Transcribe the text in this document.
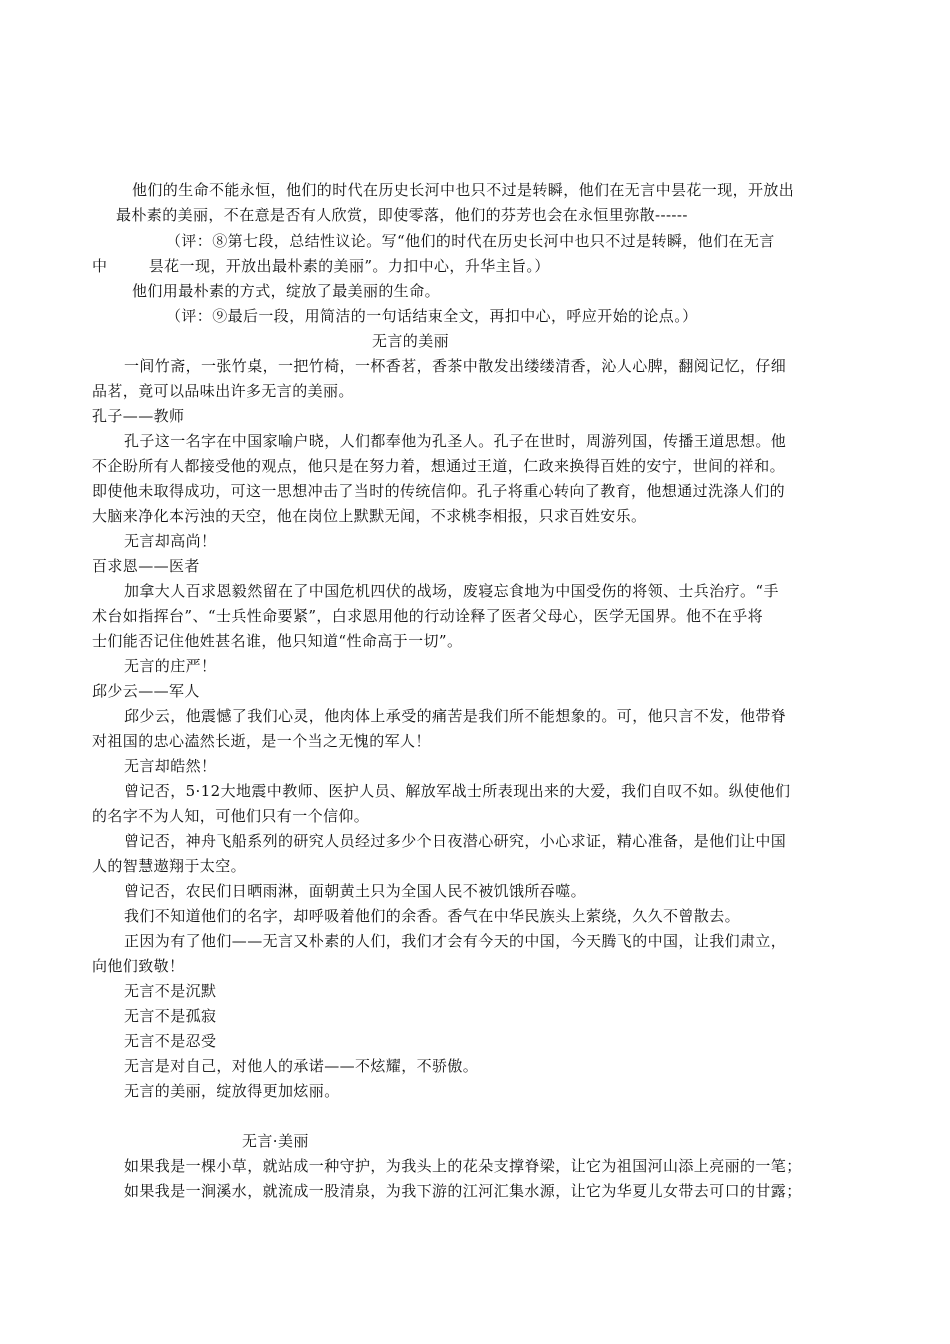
他们的生命不能永恒，他们的时代在历史长河中也只不过是转瞬，他们在无言中昙花一现，开放出
最朴素的美丽，不在意是否有人欣赏，即使零落，他们的芬芳也会在永恒里弥散------
（评：⑧第七段，总结性议论。写“他们的时代在历史长河中也只不过是转瞬，他们在无言
中        昙花一现，开放出最朴素的美丽”。力扣中心，升华主旨。）
他们用最朴素的方式，绽放了最美丽的生命。
（评：⑨最后一段，用简洁的一句话结束全文，再扣中心，呼应开始的论点。）
无言的美丽
一间竹斋，一张竹桌，一把竹椅，一杯香茗，香茶中散发出缕缕清香，沁人心脾，翻阅记忆，仔细
品茗，竟可以品味出许多无言的美丽。
孔子——教师
孔子这一名字在中国家喻户晓，人们都奉他为孔圣人。孔子在世时，周游列国，传播王道思想。他
不企盼所有人都接受他的观点，他只是在努力着，想通过王道，仁政来换得百姓的安宁，世间的祥和。
即使他未取得成功，可这一思想冲击了当时的传统信仰。孔子将重心转向了教育，他想通过洗涤人们的
大脑来净化本污浊的天空，他在岗位上默默无闻，不求桃李相报，只求百姓安乐。
无言却高尚！
百求恩——医者
加拿大人百求恩毅然留在了中国危机四伏的战场，废寝忘食地为中国受伤的将领、士兵治疗。“手
术台如指挥台”、“士兵性命要紧”，白求恩用他的行动诠释了医者父母心，医学无国界。他不在乎将
士们能否记住他姓甚名谁，他只知道“性命高于一切”。
无言的庄严！
邱少云——军人
邱少云，他震憾了我们心灵，他肉体上承受的痛苦是我们所不能想象的。可，他只言不发，他带脊
对祖国的忠心溘然长逝，是一个当之无愧的军人！
无言却皓然！
曾记否，5·12大地震中教师、医护人员、解放军战士所表现出来的大爱，我们自叹不如。纵使他们
的名字不为人知，可他们只有一个信仰。
曾记否，神舟飞船系列的研究人员经过多少个日夜潜心研究，小心求证，精心准备，是他们让中国
人的智慧遨翔于太空。
曾记否，农民们日晒雨淋，面朝黄土只为全国人民不被饥饿所吞噬。
我们不知道他们的名字，却呼吸着他们的余香。香气在中华民族头上萦绕，久久不曾散去。
正因为有了他们——无言又朴素的人们，我们才会有今天的中国，今天腾飞的中国，让我们肃立，
向他们致敬！
无言不是沉默
无言不是孤寂
无言不是忍受
无言是对自己，对他人的承诺——不炫耀，不骄傲。
无言的美丽，绽放得更加炫丽。
无言·美丽
如果我是一棵小草，就站成一种守护，为我头上的花朵支撑脊梁，让它为祖国河山添上亮丽的一笔；
如果我是一涧溪水，就流成一股清泉，为我下游的江河汇集水源，让它为华夏儿女带去可口的甘露；
